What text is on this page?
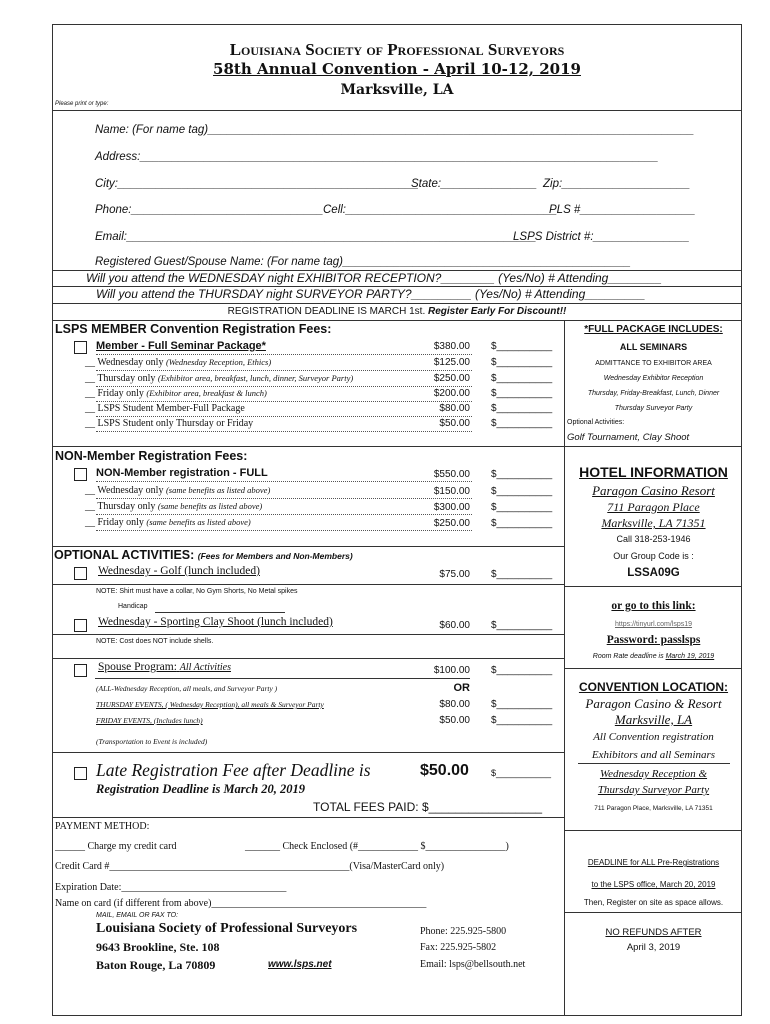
Louisiana Society of Professional Surveyors
58th Annual Convention - April 10-12, 2019
Marksville, LA
Please print or type:
Name: (For name tag)____________________________________________________________________________
Address:_________________________________________________________________________________
City:_______________________________________________
State:_______________ Zip:____________________
Phone:______________________________ Cell:_________________________________
PLS #__________________
Email:________________________________________________________________
LSPS District #:_______________
Registered Guest/Spouse Name: (For name tag)_____________________________________________
Will you attend the WEDNESDAY night EXHIBITOR RECEPTION?________ (Yes/No) # Attending________
Will you attend the THURSDAY night SURVEYOR PARTY?_________ (Yes/No) # Attending_________
REGISTRATION DEADLINE IS MARCH 1st. Register Early For Discount!!
LSPS MEMBER Convention Registration Fees:
Member - Full Seminar Package*	$380.00 $__________
__ Wednesday only (Wednesday Reception, Ethics)	$125.00 $__________
__ Thursday only (Exhibitor area, breakfast, lunch, dinner, Surveyor Party)	$250.00 $__________
__ Friday only (Exhibitor area, breakfast & lunch)	$200.00 $__________
__ LSPS Student Member-Full Package	$80.00 $__________
__ LSPS Student only Thursday or Friday	$50.00 $__________
NON-Member Registration Fees:
NON-Member registration - FULL	$550.00 $__________
__ Wednesday only (same benefits as listed above)	$150.00 $__________
__ Thursday only (same benefits as listed above)	$300.00 $__________
__ Friday only (same benefits as listed above)	$250.00 $__________
OPTIONAL ACTIVITIES: (Fees for Members and Non-Members)
Wednesday - Golf (lunch included)	$75.00 $__________
NOTE: Shirt must have a collar, No Gym Shorts, No Metal spikes
Handicap
Wednesday - Sporting Clay Shoot (lunch included)	$60.00 $__________
NOTE: Cost does NOT include shells.
Spouse Program: All Activities	$100.00 $__________
(ALL-Wednesday Reception, all meals, and Surveyor Party )	OR
THURSDAY EVENTS, ( Wednesday Reception), all meals & Surveyor Party	$80.00 $__________
FRIDAY EVENTS, (Includes lunch)	$50.00 $__________
(Transportation to Event is included)
Late Registration Fee after Deadline is	$50.00 $___________
Registration Deadline is March 20, 2019
TOTAL FEES PAID: $_________________
PAYMENT METHOD:
______ Charge my credit card	_______ Check Enclosed (#____________ $________________)
Credit Card #________________________________________________(Visa/MasterCard only)
Expiration Date:_________________________________
Name on card (if different from above)___________________________________________
MAIL, EMAIL OR FAX TO:
Louisiana Society of Professional Surveyors
9643 Brookline, Ste. 108
Baton Rouge, La 70809	www.lsps.net
Phone: 225.925-5800
Fax: 225.925-5802
Email: lsps@bellsouth.net
*FULL PACKAGE INCLUDES:
ALL SEMINARS
ADMITTANCE TO EXHIBITOR AREA
Wednesday Exhibitor Reception
Thursday, Friday-Breakfast, Lunch, Dinner
Thursday Surveyor Party
Optional Activities:
Golf Tournament, Clay Shoot
HOTEL INFORMATION
Paragon Casino Resort
711 Paragon Place
Marksville, LA 71351
Call 318-253-1946
Our Group Code is :
LSSA09G
or go to this link:
https://tinyurl.com/lsps19
Password: passlsps
Room Rate deadline is March 19, 2019
CONVENTION LOCATION:
Paragon Casino & Resort
Marksville, LA
All Convention registration
Exhibitors and all Seminars
Wednesday Reception &
Thursday Surveyor Party
711 Paragon Place, Marksville, LA 71351
DEADLINE for ALL Pre-Registrations
to the LSPS office, March 20, 2019
Then, Register on site as space allows.
NO REFUNDS AFTER
April 3, 2019
